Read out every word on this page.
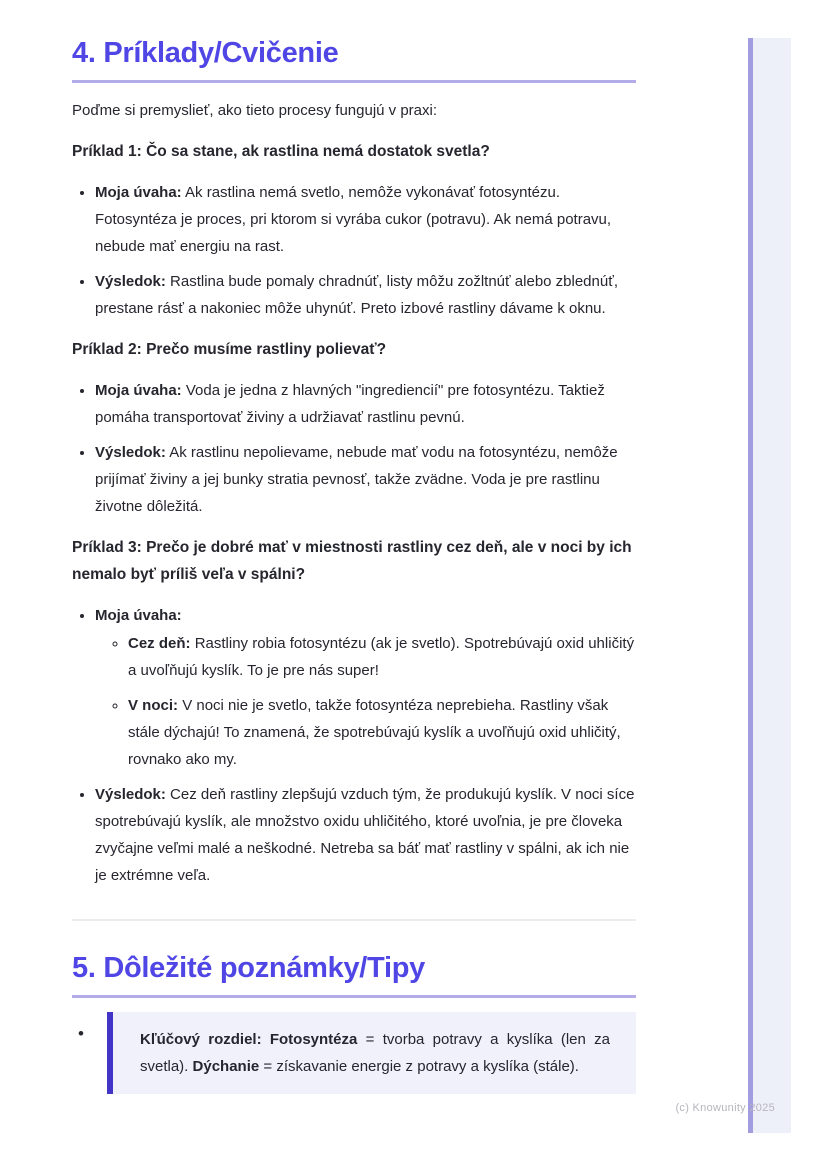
4. Príklady/Cvičenie

Poďme si premyslieť, ako tieto procesy fungujú v praxi:

Príklad 1: Čo sa stane, ak rastlina nemá dostatok svetla?

• Moja úvaha: Ak rastlina nemá svetlo, nemôže vykonávať fotosyntézu. Fotosyntéza je proces, pri ktorom si vyrába cukor (potravu). Ak nemá potravu, nebude mať energiu na rast.
• Výsledok: Rastlina bude pomaly chradnúť, listy môžu zožltnúť alebo zblednúť, prestane rásť a nakoniec môže uhynúť. Preto izbové rastliny dávame k oknu.

Príklad 2: Prečo musíme rastliny polievať?

• Moja úvaha: Voda je jedna z hlavných "ingrediencií" pre fotosyntézu. Taktiež pomáha transportovať živiny a udržiavať rastlinu pevnú.
• Výsledok: Ak rastlinu nepolievame, nebude mať vodu na fotosyntézu, nemôže prijímať živiny a jej bunky stratia pevnosť, takže zvädne. Voda je pre rastlinu životne dôležitá.

Príklad 3: Prečo je dobré mať v miestnosti rastliny cez deň, ale v noci by ich nemalo byť príliš veľa v spálni?

• Moja úvaha:
◦ Cez deň: Rastliny robia fotosyntézu (ak je svetlo). Spotrebúvajú oxid uhličitý a uvoľňujú kyslík. To je pre nás super!
◦ V noci: V noci nie je svetlo, takže fotosyntéza neprebieha. Rastliny však stále dýchajú! To znamená, že spotrebúvajú kyslík a uvoľňujú oxid uhličitý, rovnako ako my.
• Výsledok: Cez deň rastliny zlepšujú vzduch tým, že produkujú kyslík. V noci síce spotrebúvajú kyslík, ale množstvo oxidu uhličitého, ktoré uvoľnia, je pre človeka zvyčajne veľmi malé a neškodné. Netreba sa báť mať rastliny v spálni, ak ich nie je extrémne veľa.
5. Dôležité poznámky/Tipy
• Kľúčový rozdiel: Fotosyntéza = tvorba potravy a kyslíka (len za svetla). Dýchanie = získavanie energie z potravy a kyslíka (stále).
(c) Knowunity 2025
